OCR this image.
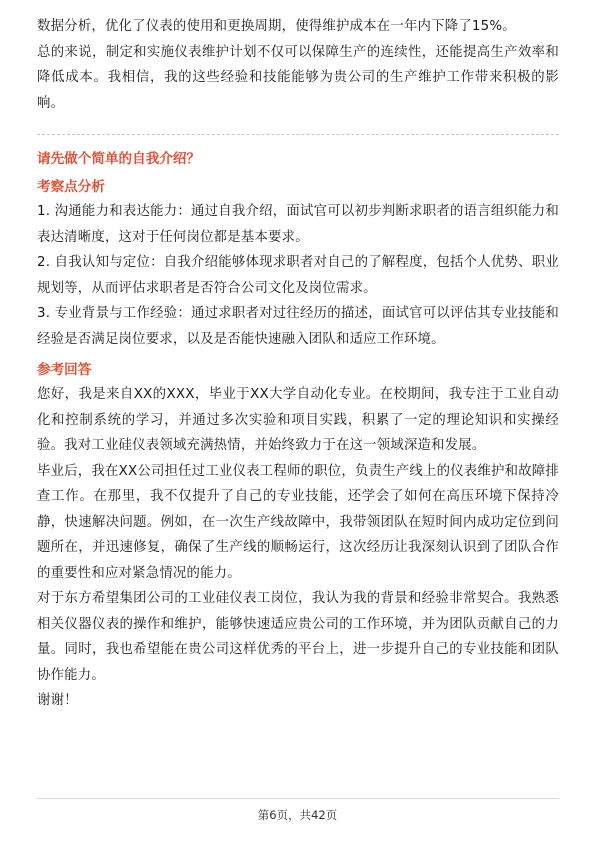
数据分析，优化了仪表的使用和更换周期，使得维护成本在一年内下降了15%。

总的来说，制定和实施仪表维护计划不仅可以保障生产的连续性，还能提高生产效率和降低成本。我相信，我的这些经验和技能能够为贵公司的生产维护工作带来积极的影响。

请先做个简单的自我介绍？

考察点分析

1. 沟通能力和表达能力：通过自我介绍，面试官可以初步判断求职者的语言组织能力和表达清晰度，这对于任何岗位都是基本要求。

2. 自我认知与定位：自我介绍能够体现求职者对自己的了解程度，包括个人优势、职业规划等，从而评估求职者是否符合公司文化及岗位需求。

3. 专业背景与工作经验：通过求职者对过往经历的描述，面试官可以评估其专业技能和经验是否满足岗位要求，以及是否能快速融入团队和适应工作环境。

参考回答

您好，我是来自XX的XXX，毕业于XX大学自动化专业。在校期间，我专注于工业自动化和控制系统的学习，并通过多次实验和项目实践，积累了一定的理论知识和实操经验。我对工业硅仪表领域充满热情，并始终致力于在这一领域深造和发展。

毕业后，我在XX公司担任过工业仪表工程师的职位，负责生产线上的仪表维护和故障排查工作。在那里，我不仅提升了自己的专业技能，还学会了如何在高压环境下保持冷静，快速解决问题。例如，在一次生产线故障中，我带领团队在短时间内成功定位到问题所在，并迅速修复，确保了生产线的顺畅运行，这次经历让我深刻认识到了团队合作的重要性和应对紧急情况的能力。

对于东方希望集团公司的工业硅仪表工岗位，我认为我的背景和经验非常契合。我熟悉相关仪器仪表的操作和维护，能够快速适应贵公司的工作环境，并为团队贡献自己的力量。同时，我也希望能在贵公司这样优秀的平台上，进一步提升自己的专业技能和团队协作能力。

谢谢！

第6页，共42页
